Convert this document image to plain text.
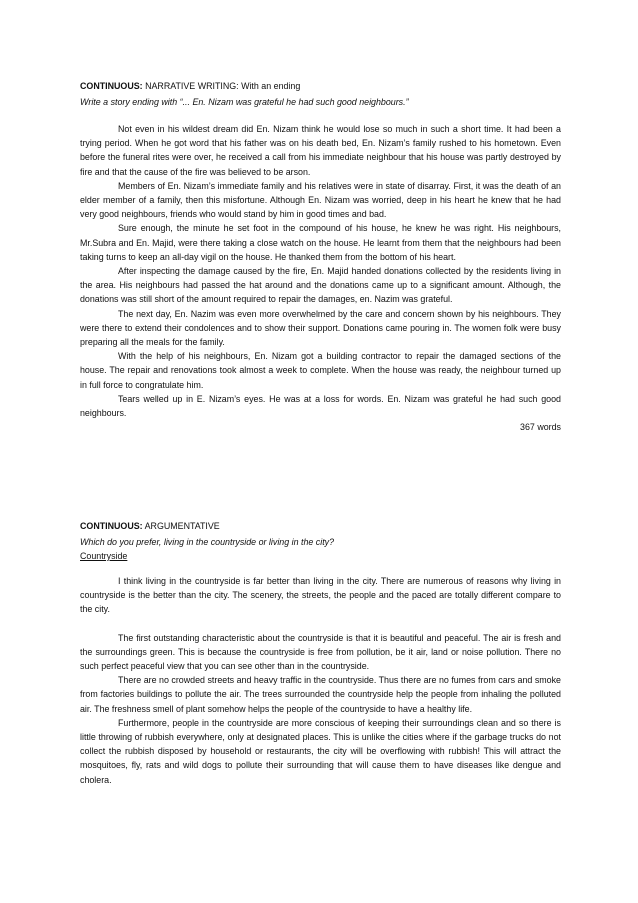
CONTINUOUS: NARRATIVE WRITING: With an ending
Write a story ending with “... En. Nizam was grateful he had such good neighbours.”

Not even in his wildest dream did En. Nizam think he would lose so much in such a short time. It had been a trying period. When he got word that his father was on his death bed, En. Nizam’s family rushed to his hometown. Even before the funeral rites were over, he received a call from his immediate neighbour that his house was partly destroyed by fire and that the cause of the fire was believed to be arson.

Members of En. Nizam’s immediate family and his relatives were in state of disarray. First, it was the death of an elder member of a family, then this misfortune. Although En. Nizam was worried, deep in his heart he knew that he had very good neighbours, friends who would stand by him in good times and bad.

Sure enough, the minute he set foot in the compound of his house, he knew he was right. His neighbours, Mr.Subra and En. Majid, were there taking a close watch on the house. He learnt from them that the neighbours had been taking turns to keep an all-day vigil on the house. He thanked them from the bottom of his heart.

After inspecting the damage caused by the fire, En. Majid handed donations collected by the residents living in the area. His neighbours had passed the hat around and the donations came up to a significant amount. Although, the donations was still short of the amount required to repair the damages, en. Nazim was grateful.

The next day, En. Nazim was even more overwhelmed by the care and concern shown by his neighbours. They were there to extend their condolences and to show their support. Donations came pouring in. The women folk were busy preparing all the meals for the family.

With the help of his neighbours, En. Nizam got a building contractor to repair the damaged sections of the house. The repair and renovations took almost a week to complete. When the house was ready, the neighbour turned up in full force to congratulate him.

Tears welled up in E. Nizam’s eyes. He was at a loss for words. En. Nizam was grateful he had such good neighbours.

367 words
CONTINUOUS: ARGUMENTATIVE
Which do you prefer, living in the countryside or living in the city?
Countryside

I think living in the countryside is far better than living in the city. There are numerous of reasons why living in countryside is the better than the city. The scenery, the streets, the people and the paced are totally different compare to the city.

The first outstanding characteristic about the countryside is that it is beautiful and peaceful. The air is fresh and the surroundings green. This is because the countryside is free from pollution, be it air, land or noise pollution. There no such perfect peaceful view that you can see other than in the countryside.

There are no crowded streets and heavy traffic in the countryside. Thus there are no fumes from cars and smoke from factories buildings to pollute the air. The trees surrounded the countryside help the people from inhaling the polluted air. The freshness smell of plant somehow helps the people of the countryside to have a healthy life.

Furthermore, people in the countryside are more conscious of keeping their surroundings clean and so there is little throwing of rubbish everywhere, only at designated places. This is unlike the cities where if the garbage trucks do not collect the rubbish disposed by household or restaurants, the city will be overflowing with rubbish! This will attract the mosquitoes, fly, rats and wild dogs to pollute their surrounding that will cause them to have diseases like dengue and cholera.
